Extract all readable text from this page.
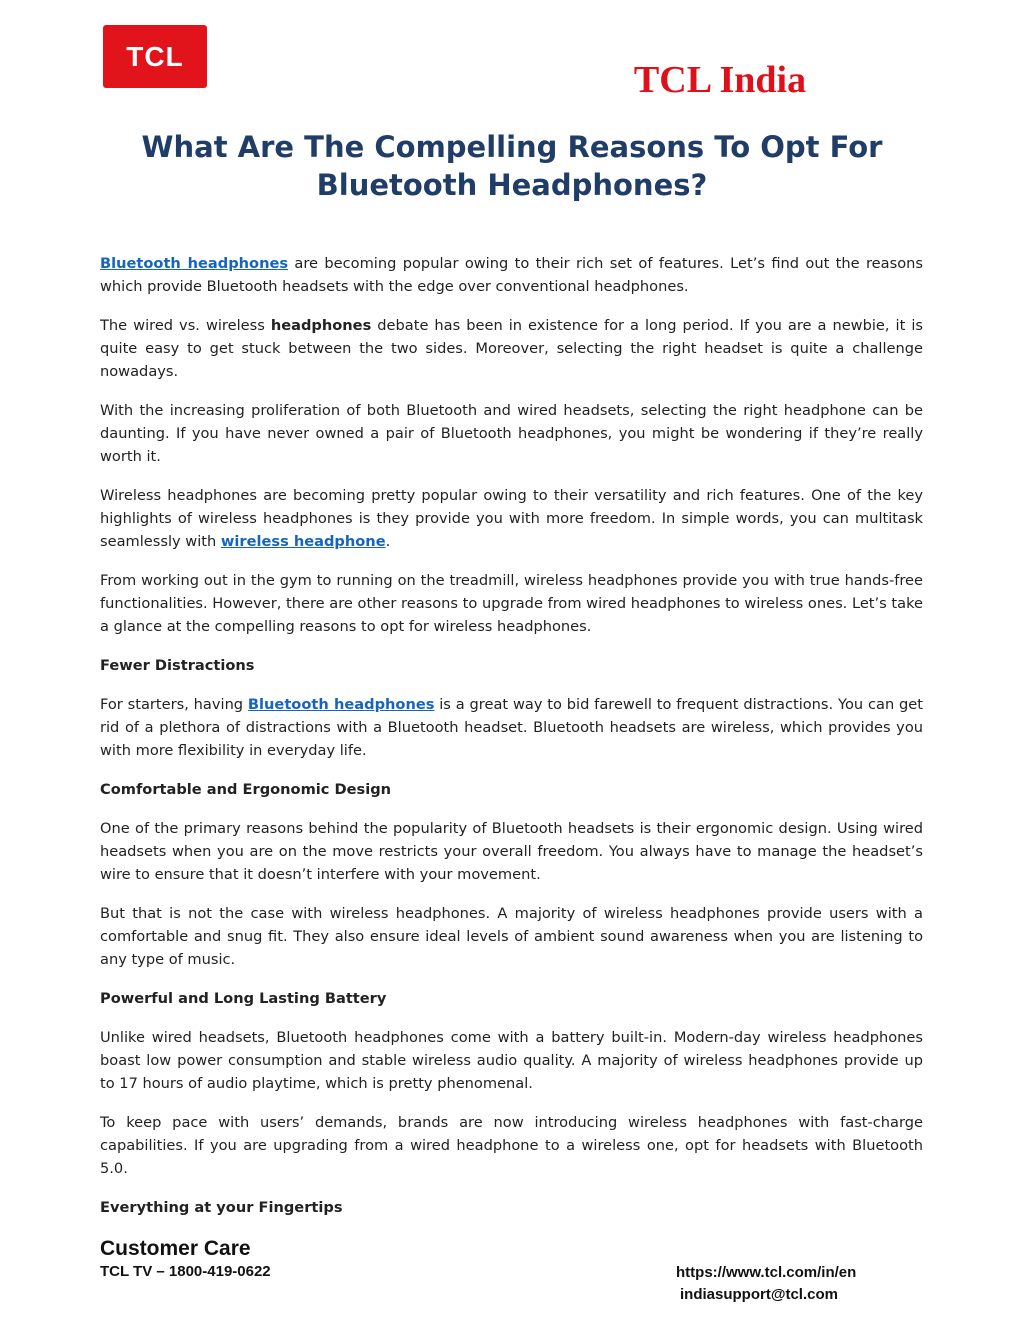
TCL
TCL India
What Are The Compelling Reasons To Opt For Bluetooth Headphones?

Bluetooth headphones are becoming popular owing to their rich set of features. Let’s find out the reasons which provide Bluetooth headsets with the edge over conventional headphones.

The wired vs. wireless headphones debate has been in existence for a long period. If you are a newbie, it is quite easy to get stuck between the two sides. Moreover, selecting the right headset is quite a challenge nowadays.

With the increasing proliferation of both Bluetooth and wired headsets, selecting the right headphone can be daunting. If you have never owned a pair of Bluetooth headphones, you might be wondering if they’re really worth it.

Wireless headphones are becoming pretty popular owing to their versatility and rich features. One of the key highlights of wireless headphones is they provide you with more freedom. In simple words, you can multitask seamlessly with wireless headphone.

From working out in the gym to running on the treadmill, wireless headphones provide you with true hands-free functionalities. However, there are other reasons to upgrade from wired headphones to wireless ones. Let’s take a glance at the compelling reasons to opt for wireless headphones.

Fewer Distractions

For starters, having Bluetooth headphones is a great way to bid farewell to frequent distractions. You can get rid of a plethora of distractions with a Bluetooth headset. Bluetooth headsets are wireless, which provides you with more flexibility in everyday life.

Comfortable and Ergonomic Design

One of the primary reasons behind the popularity of Bluetooth headsets is their ergonomic design. Using wired headsets when you are on the move restricts your overall freedom. You always have to manage the headset’s wire to ensure that it doesn’t interfere with your movement.

But that is not the case with wireless headphones. A majority of wireless headphones provide users with a comfortable and snug fit. They also ensure ideal levels of ambient sound awareness when you are listening to any type of music.

Powerful and Long Lasting Battery

Unlike wired headsets, Bluetooth headphones come with a battery built-in. Modern-day wireless headphones boast low power consumption and stable wireless audio quality. A majority of wireless headphones provide up to 17 hours of audio playtime, which is pretty phenomenal.

To keep pace with users’ demands, brands are now introducing wireless headphones with fast-charge capabilities. If you are upgrading from a wired headphone to a wireless one, opt for headsets with Bluetooth 5.0.

Everything at your Fingertips

Customer Care
TCL TV – 1800-419-0622	https://www.tcl.com/in/en
indiasupport@tcl.com
